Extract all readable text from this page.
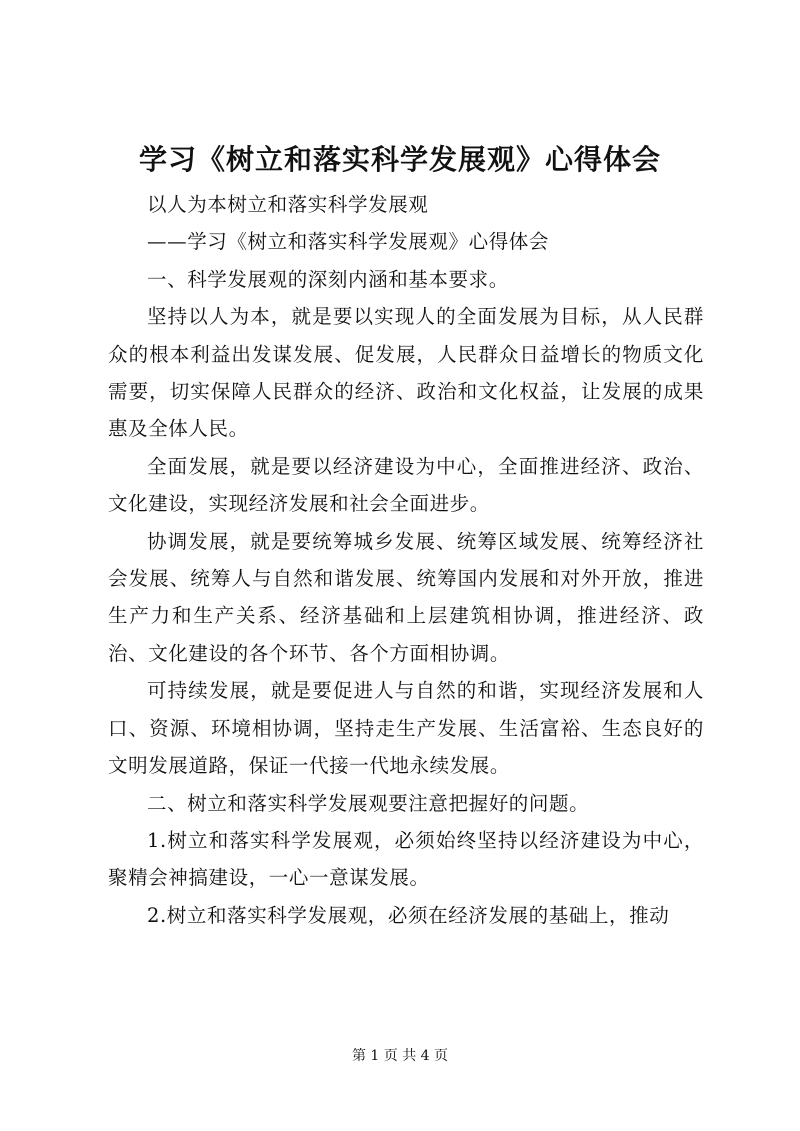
学习《树立和落实科学发展观》心得体会

以人为本树立和落实科学发展观

——学习《树立和落实科学发展观》心得体会

一、科学发展观的深刻内涵和基本要求。

坚持以人为本，就是要以实现人的全面发展为目标，从人民群众的根本利益出发谋发展、促发展，人民群众日益增长的物质文化需要，切实保障人民群众的经济、政治和文化权益，让发展的成果惠及全体人民。

全面发展，就是要以经济建设为中心，全面推进经济、政治、文化建设，实现经济发展和社会全面进步。

协调发展，就是要统筹城乡发展、统筹区域发展、统筹经济社会发展、统筹人与自然和谐发展、统筹国内发展和对外开放，推进生产力和生产关系、经济基础和上层建筑相协调，推进经济、政治、文化建设的各个环节、各个方面相协调。

可持续发展，就是要促进人与自然的和谐，实现经济发展和人口、资源、环境相协调，坚持走生产发展、生活富裕、生态良好的文明发展道路，保证一代接一代地永续发展。

二、树立和落实科学发展观要注意把握好的问题。

1.树立和落实科学发展观，必须始终坚持以经济建设为中心，聚精会神搞建设，一心一意谋发展。

2.树立和落实科学发展观，必须在经济发展的基础上，推动

第 1 页 共 4 页
